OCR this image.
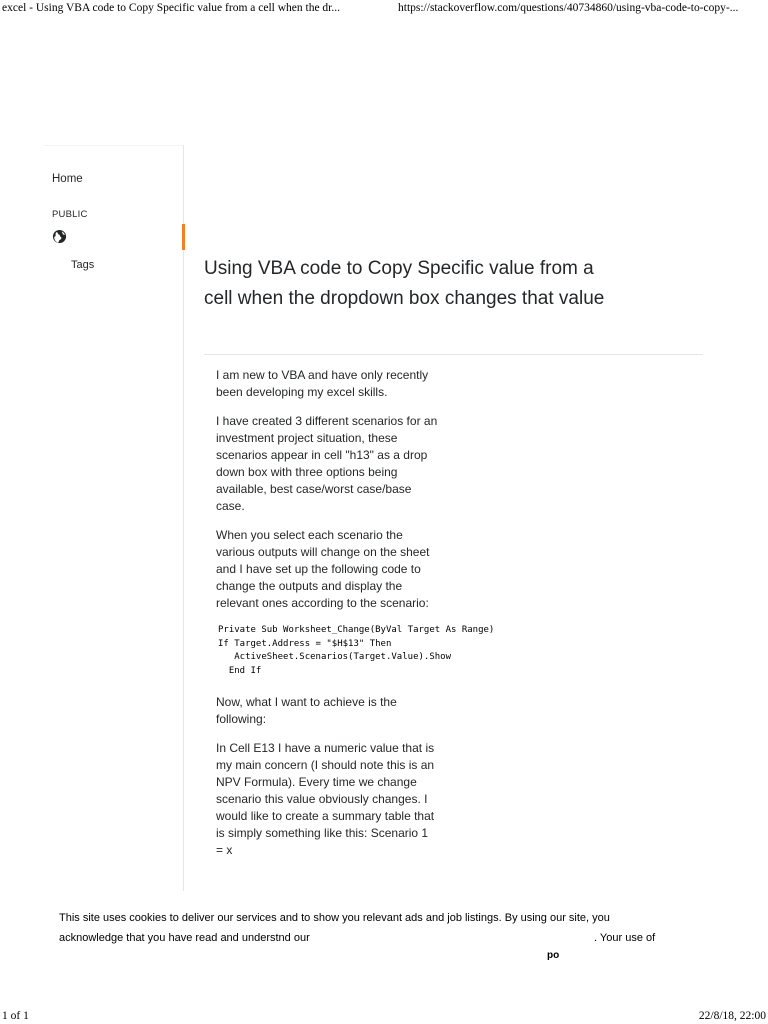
excel - Using VBA code to Copy Specific value from a cell when the dr...	https://stackoverflow.com/questions/40734860/using-vba-code-to-copy-...
Home
PUBLIC
Tags	Using VBA code to Copy Specific value from a cell when the dropdown box changes that value

I am new to VBA and have only recently been developing my excel skills.

I have created 3 different scenarios for an investment project situation, these scenarios appear in cell "h13" as a drop down box with three options being available, best case/worst case/base case.

When you select each scenario the various outputs will change on the sheet and I have set up the following code to change the outputs and display the relevant ones according to the scenario:

Private Sub Worksheet_Change(ByVal Target As Range)
If Target.Address = "$H$13" Then
ActiveSheet.Scenarios(Target.Value).Show
End If

Now, what I want to achieve is the following:

In Cell E13 I have a numeric value that is my main concern (I should note this is an NPV Formula). Every time we change scenario this value obviously changes. I would like to create a summary table that is simply something like this: Scenario 1 = x

This site uses cookies to deliver our services and to show you relevant ads and job listings. By using our site, you
acknowledge that you have read and understnd our	. Your use of
po
1 of 1	22/8/18, 22:00
